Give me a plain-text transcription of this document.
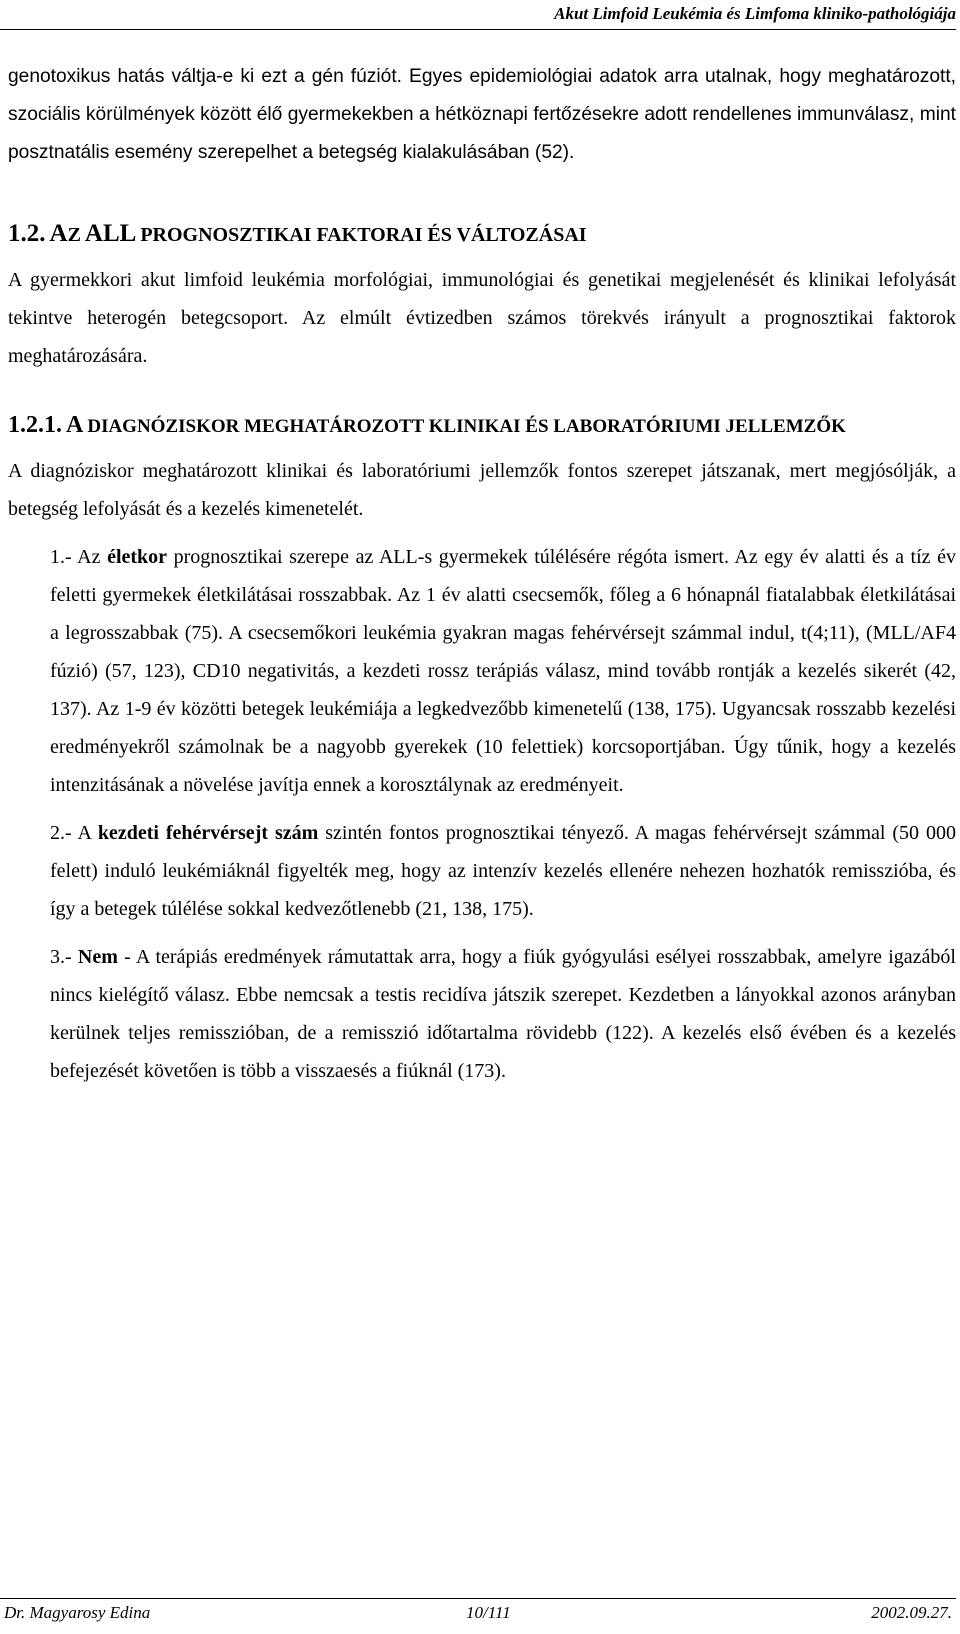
Akut Limfoid Leukémia és Limfoma kliniko-pathológiája

genotoxikus hatás váltja-e ki ezt a gén fúziót. Egyes epidemiológiai adatok arra utalnak, hogy meghatározott, szociális körülmények között élő gyermekekben a hétköznapi fertőzésekre adott rendellenes immunválasz, mint posztnatális esemény szerepelhet a betegség kialakulásában (52).

1.2. AZ ALL PROGNOSZTIKAI FAKTORAI ÉS VÁLTOZÁSAI

A gyermekkori akut limfoid leukémia morfológiai, immunológiai és genetikai megjelenését és klinikai lefolyását tekintve heterogén betegcsoport. Az elmúlt évtizedben számos törekvés irányult a prognosztikai faktorok meghatározására.

1.2.1. A DIAGNÓZISKOR MEGHATÁROZOTT KLINIKAI ÉS LABORATÓRIUMI JELLEMZŐK

A diagnóziskor meghatározott klinikai és laboratóriumi jellemzők fontos szerepet játszanak, mert megjósólják, a betegség lefolyását és a kezelés kimenetelét.

1.- Az életkor prognosztikai szerepe az ALL-s gyermekek túlélésére régóta ismert. Az egy év alatti és a tíz év feletti gyermekek életkilátásai rosszabbak. Az 1 év alatti csecsemők, főleg a 6 hónapnál fiatalabbak életkilátásai a legrosszabbak (75). A csecsemőkori leukémia gyakran magas fehérvérsejt számmal indul, t(4;11), (MLL/AF4 fúzió) (57, 123), CD10 negativitás, a kezdeti rossz terápiás válasz, mind tovább rontják a kezelés sikerét (42, 137). Az 1-9 év közötti betegek leukémiája a legkedvezőbb kimenetelű (138, 175). Ugyancsak rosszabb kezelési eredményekről számolnak be a nagyobb gyerekek (10 felettiek) korcsoportjában. Úgy tűnik, hogy a kezelés intenzitásának a növelése javítja ennek a korosztálynak az eredményeit.

2.- A kezdeti fehérvérsejt szám szintén fontos prognosztikai tényező. A magas fehérvérsejt számmal (50 000 felett) induló leukémiáknál figyelték meg, hogy az intenzív kezelés ellenére nehezen hozhatók remisszióba, és így a betegek túlélése sokkal kedvezőtlenebb (21, 138, 175).

3.- Nem - A terápiás eredmények rámutattak arra, hogy a fiúk gyógyulási esélyei rosszabbak, amelyre igazából nincs kielégítő válasz. Ebbe nemcsak a testis recidíva játszik szerepet. Kezdetben a lányokkal azonos arányban kerülnek teljes remisszióban, de a remisszió időtartalma rövidebb (122). A kezelés első évében és a kezelés befejezését követően is több a visszaesés a fiúknál (173).

Dr. Magyarosy Edina	10/111	2002.09.27.
